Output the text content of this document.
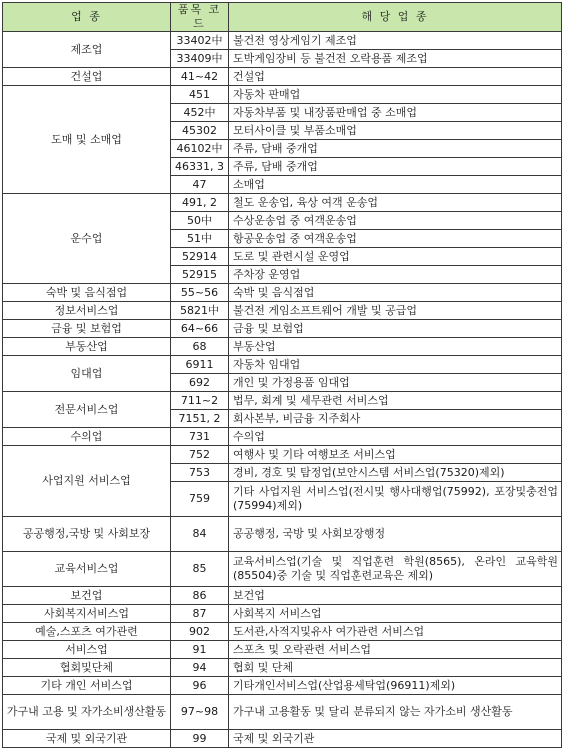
업 종	품목 코드	해 당 업 종
제조업	33402中	불건전 영상게임기 제조업
	33409中	도박게임장비 등 불건전 오락용품 제조업
건설업	41~42	건설업
도매 및 소매업	451	자동차 판매업
	452中	자동차부품 및 내장품판매업 중 소매업
	45302	모터사이클 및 부품소매업
	46102中	주류, 담배 중개업
	46331, 3	주류, 담배 중개업
	47	소매업
운수업	491, 2	철도 운송업, 육상 여객 운송업
	50中	수상운송업 중 여객운송업
	51中	항공운송업 중 여객운송업
	52914	도로 및 관련시설 운영업
	52915	주차장 운영업
숙박 및 음식점업	55~56	숙박 및 음식점업
정보서비스업	5821中	불건전 게임소프트웨어 개발 및 공급업
금융 및 보험업	64~66	금융 및 보험업
부동산업	68	부동산업
임대업	6911	자동차 임대업
	692	개인 및 가정용품 임대업
전문서비스업	711~2	법무, 회계 및 세무관련 서비스업
	7151, 2	회사본부, 비금융 지주회사
수의업	731	수의업
사업지원 서비스업	752	여행사 및 기타 여행보조 서비스업
	753	경비, 경호 및 탐정업(보안시스템 서비스업(75320)제외)
	759	기타 사업지원 서비스업(전시및 행사대행업(75992), 포장및충전업(75994)제외)
공공행정,국방 및 사회보장	84	공공행정, 국방 및 사회보장행정
교육서비스업	85	교육서비스업(기술 및 직업훈련 학원(8565), 온라인 교육학원(85504)중 기술 및 직업훈련교육은 제외)
보건업	86	보건업
사회복지서비스업	87	사회복지 서비스업
예술,스포츠 여가관련	902	도서관,사적지및유사 여가관련 서비스업
서비스업	91	스포츠 및 오락관련 서비스업
협회및단체	94	협회 및 단체
기타 개인 서비스업	96	기타개인서비스업(산업용세탁업(96911)제외)
가구내 고용 및 자가소비생산활동	97~98	가구내 고용활동 및 달리 분류되지 않는 자가소비 생산활동
국제 및 외국기관	99	국제 및 외국기관
